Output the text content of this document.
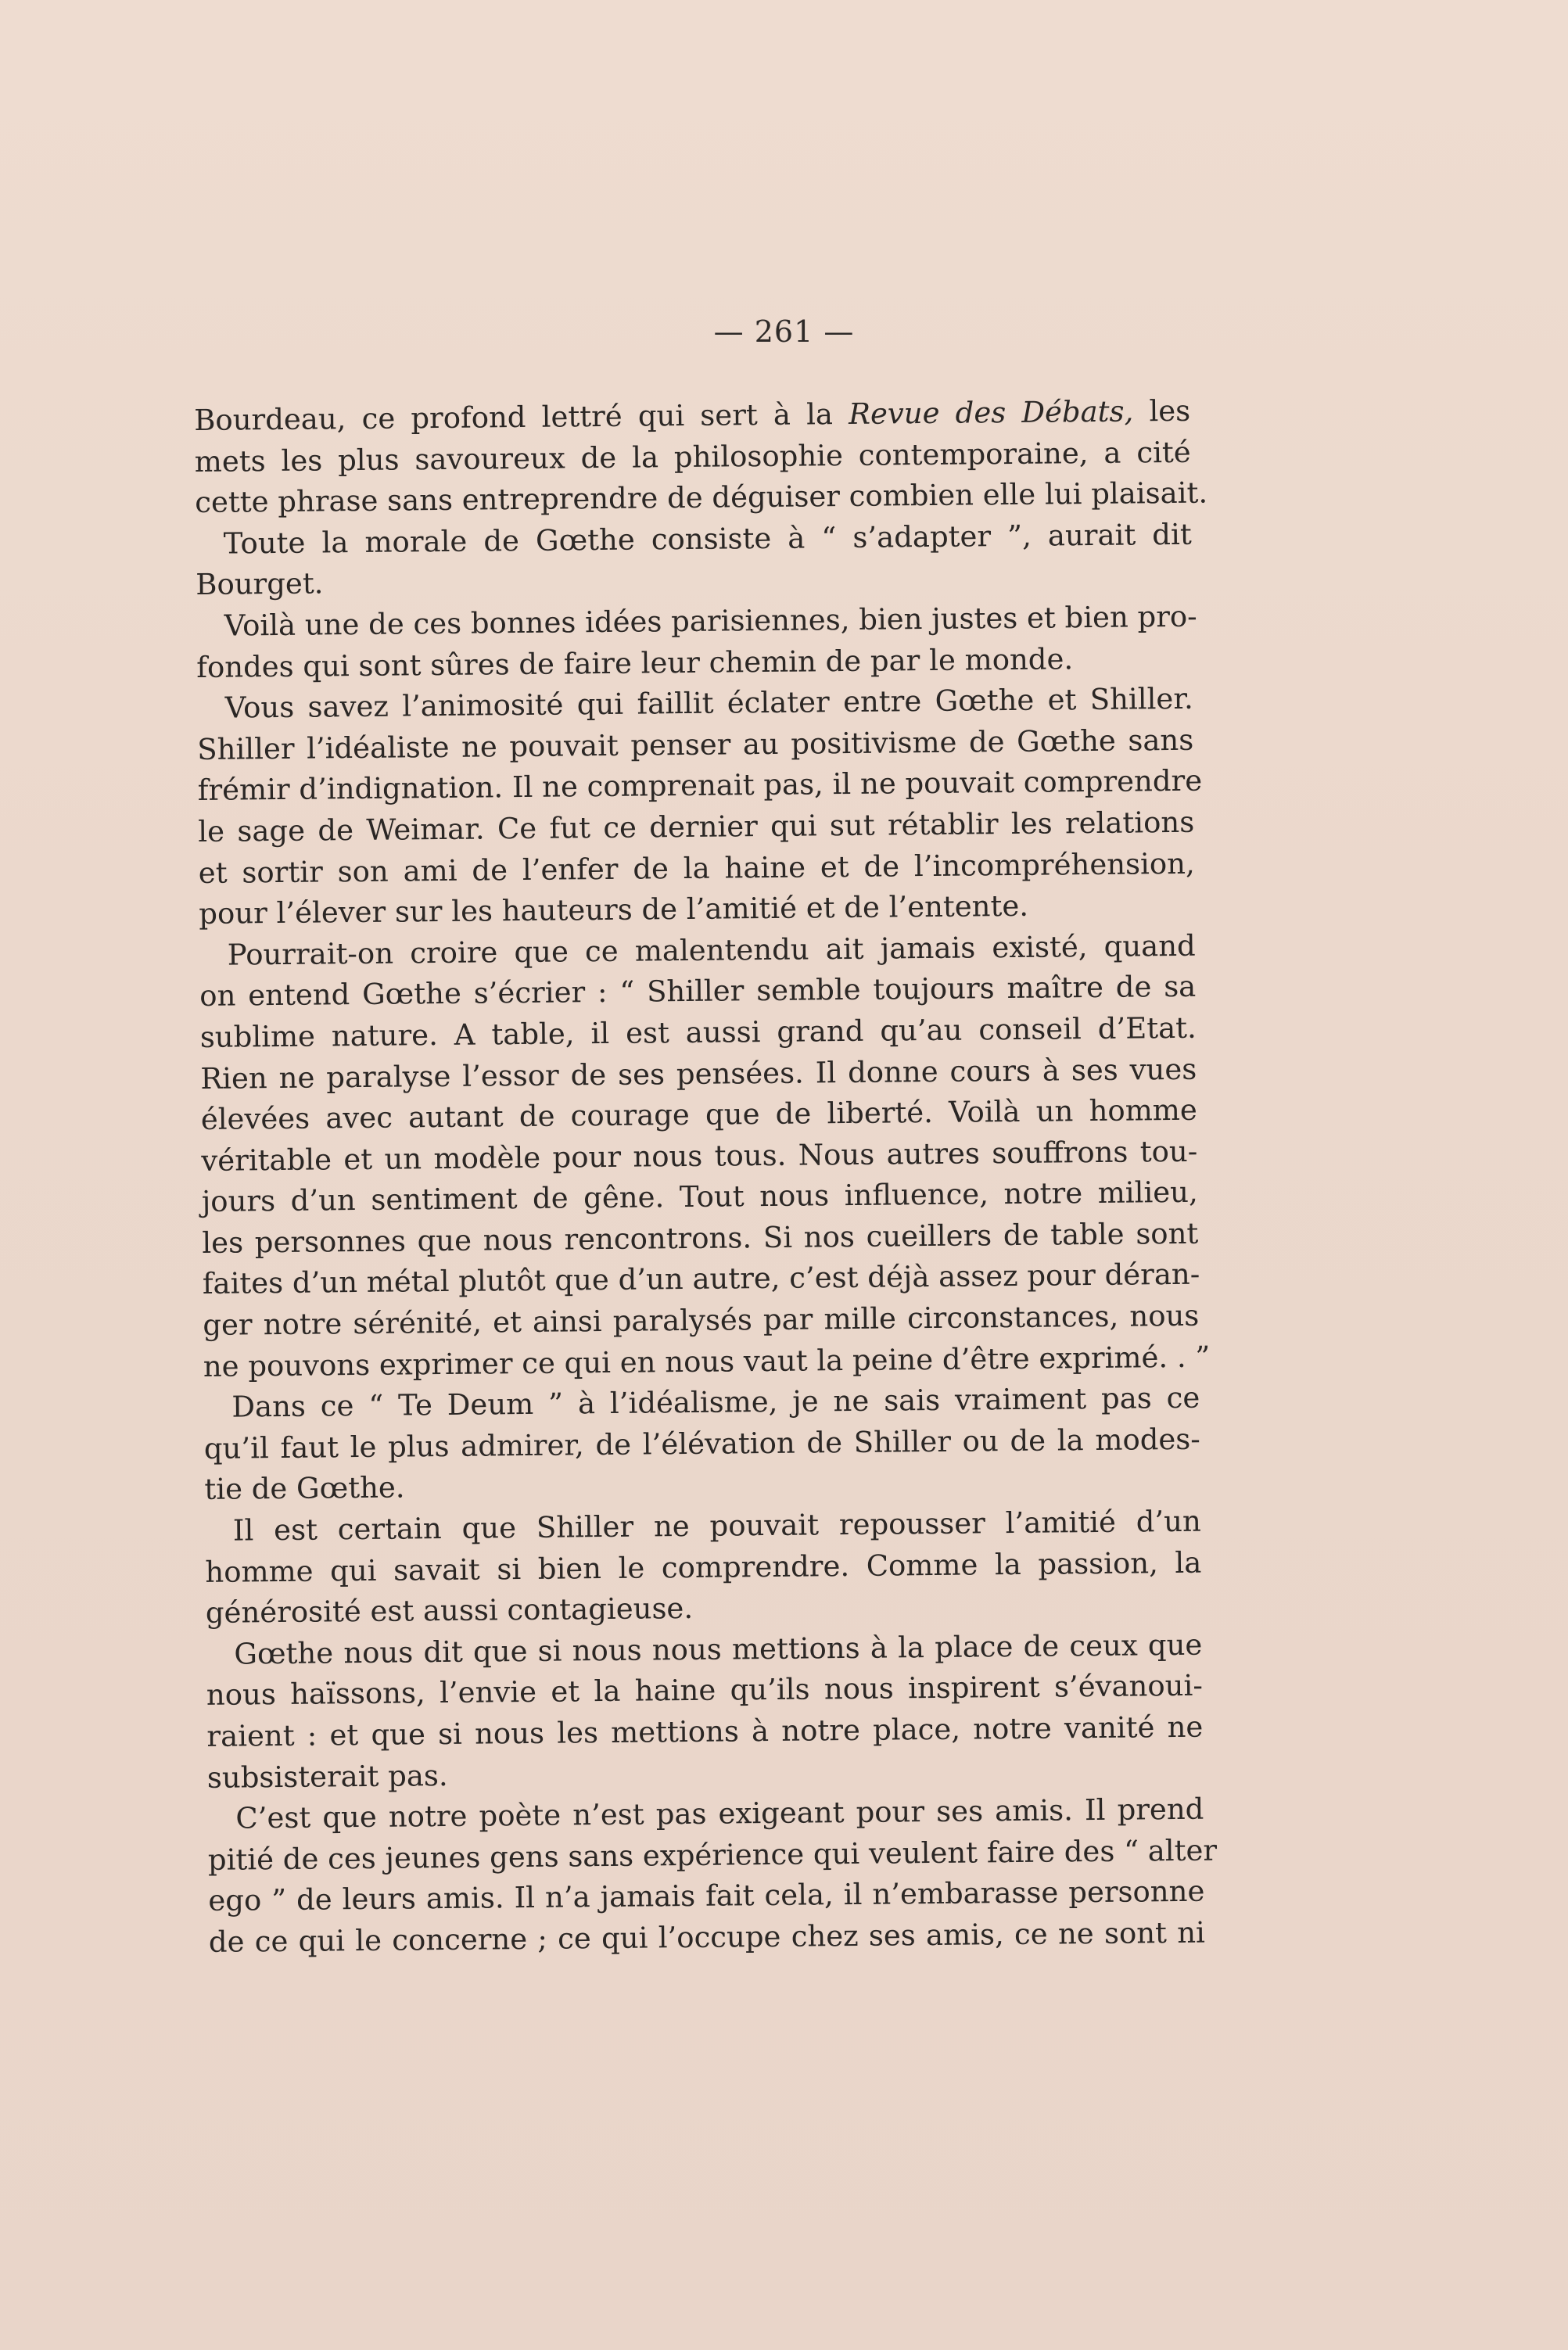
— 261 —
Bourdeau, ce profond lettré qui sert à la Revue des Débats, les
mets les plus savoureux de la philosophie contemporaine, a cité
cette phrase sans entreprendre de déguiser combien elle lui plaisait.
Toute la morale de Gœthe consiste à “ s’adapter ”, aurait dit
Bourget.
Voilà une de ces bonnes idées parisiennes, bien justes et bien pro-
fondes qui sont sûres de faire leur chemin de par le monde.
Vous savez l’animosité qui faillit éclater entre Gœthe et Shiller.
Shiller l’idéaliste ne pouvait penser au positivisme de Gœthe sans
frémir d’indignation. Il ne comprenait pas, il ne pouvait comprendre
le sage de Weimar. Ce fut ce dernier qui sut rétablir les relations
et sortir son ami de l’enfer de la haine et de l’incompréhension,
pour l’élever sur les hauteurs de l’amitié et de l’entente.
Pourrait-on croire que ce malentendu ait jamais existé, quand
on entend Gœthe s’écrier : “ Shiller semble toujours maître de sa
sublime nature. A table, il est aussi grand qu’au conseil d’Etat.
Rien ne paralyse l’essor de ses pensées. Il donne cours à ses vues
élevées avec autant de courage que de liberté. Voilà un homme
véritable et un modèle pour nous tous. Nous autres souffrons tou-
jours d’un sentiment de gêne. Tout nous influence, notre milieu,
les personnes que nous rencontrons. Si nos cueillers de table sont
faites d’un métal plutôt que d’un autre, c’est déjà assez pour déran-
ger notre sérénité, et ainsi paralysés par mille circonstances, nous
ne pouvons exprimer ce qui en nous vaut la peine d’être exprimé. . ”
Dans ce “ Te Deum ” à l’idéalisme, je ne sais vraiment pas ce
qu’il faut le plus admirer, de l’élévation de Shiller ou de la modes-
tie de Gœthe.
Il est certain que Shiller ne pouvait repousser l’amitié d’un
homme qui savait si bien le comprendre. Comme la passion, la
générosité est aussi contagieuse.
Gœthe nous dit que si nous nous mettions à la place de ceux que
nous haïssons, l’envie et la haine qu’ils nous inspirent s’évanoui-
raient : et que si nous les mettions à notre place, notre vanité ne
subsisterait pas.
C’est que notre poète n’est pas exigeant pour ses amis. Il prend
pitié de ces jeunes gens sans expérience qui veulent faire des “ alter
ego ” de leurs amis. Il n’a jamais fait cela, il n’embarasse personne
de ce qui le concerne ; ce qui l’occupe chez ses amis, ce ne sont ni
